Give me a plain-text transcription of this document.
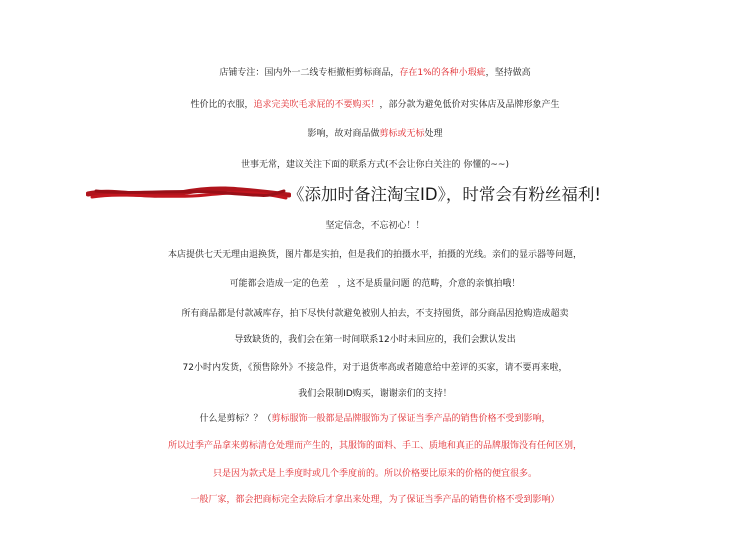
店铺专注：国内外一二线专柜撤柜剪标商品，存在1%的各种小瑕疵，坚持做高
性价比的衣服，追求完美吹毛求屁的不要购买！，部分款为避免低价对实体店及品牌形象产生
影响，故对商品做剪标或无标处理
世事无常，建议关注下面的联系方式(不会让你白关注的 你懂的~~)
《添加时备注淘宝ID》，时常会有粉丝福利!
坚定信念，不忘初心！！
本店提供七天无理由退换货，图片都是实拍，但是我们的拍摄水平，拍摄的光线。亲们的显示器等问题，
可能都会造成一定的色差　，这不是质量问题 的范畴，介意的亲慎拍哦！
所有商品都是付款减库存，拍下尽快付款避免被别人拍去，不支持囤货，部分商品因抢购造成超卖
导致缺货的，我们会在第一时间联系12小时未回应的，我们会默认发出
72小时内发货，《预售除外》不接急件，对于退货率高或者随意给中差评的买家，请不要再来啦，
我们会限制ID购买，谢谢亲们的支持！
什么是剪标？？（剪标服饰一般都是品牌服饰为了保证当季产品的销售价格不受到影响，
所以过季产品拿来剪标清仓处理而产生的，其服饰的面料、手工、质地和真正的品牌服饰没有任何区别，
只是因为款式是上季度时或几个季度前的。所以价格要比原来的价格的便宜很多。
一般厂家，都会把商标完全去除后才拿出来处理，为了保证当季产品的销售价格不受到影响）
